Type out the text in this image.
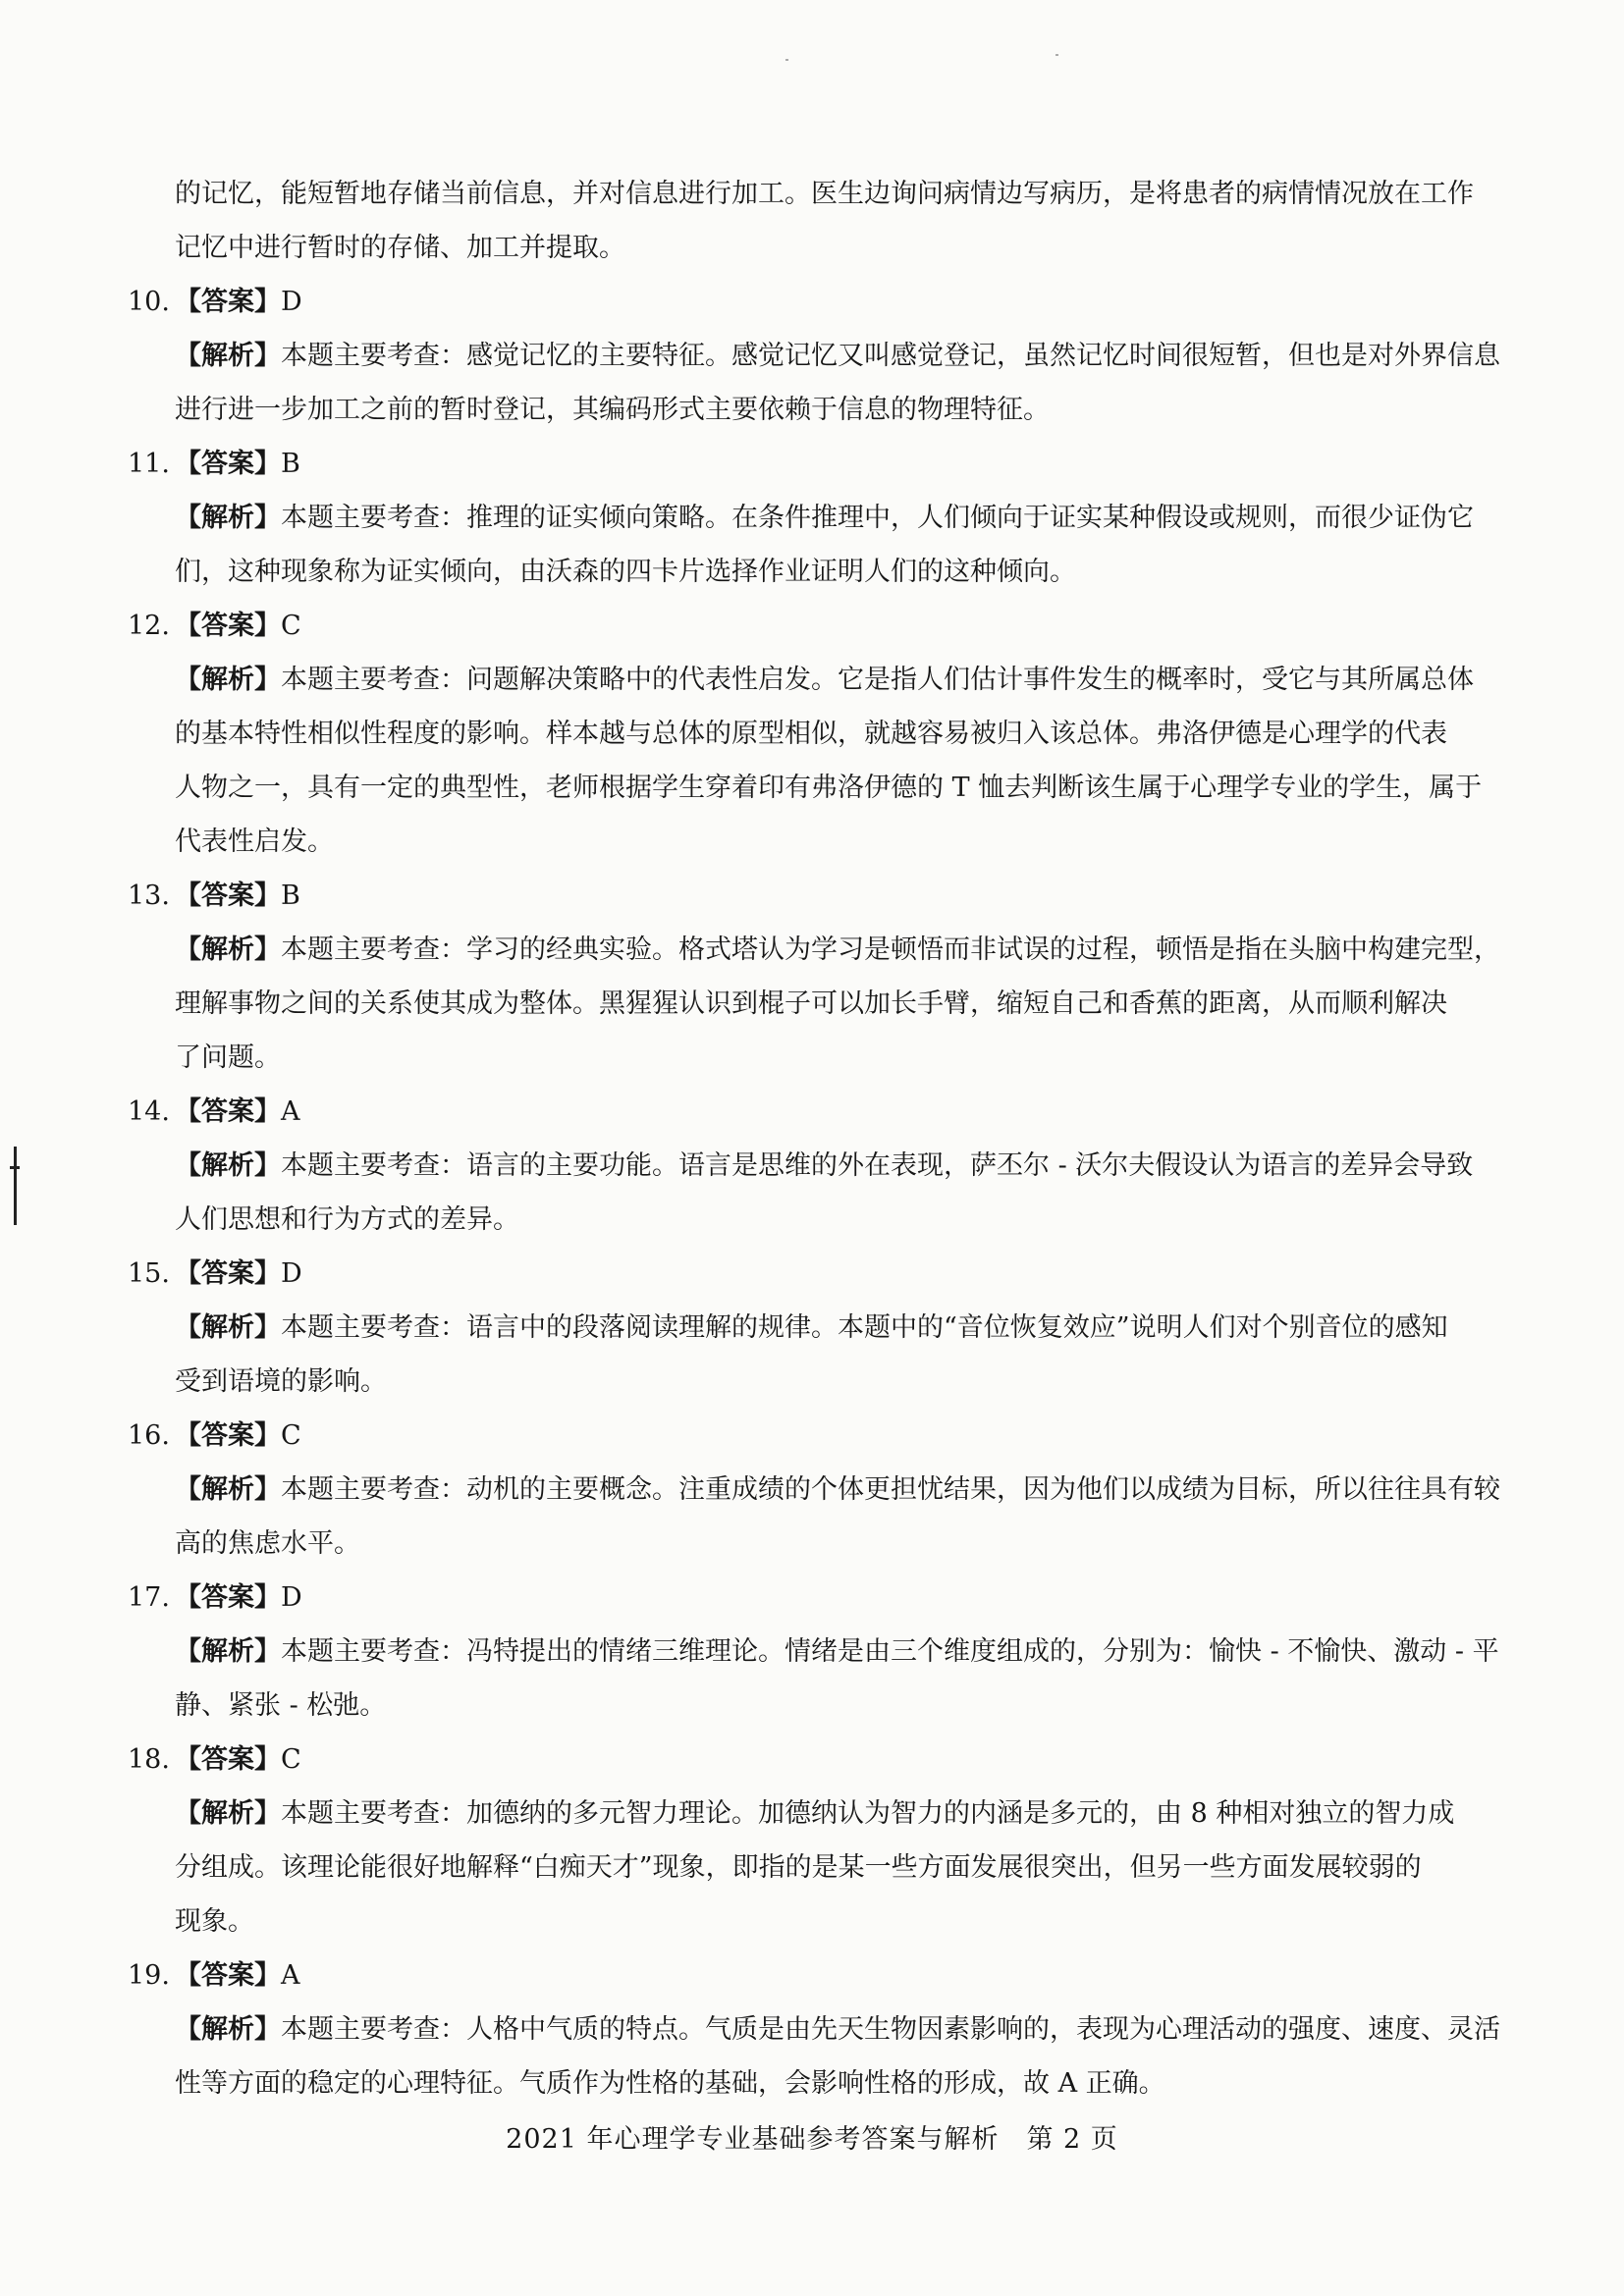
的记忆，能短暂地存储当前信息，并对信息进行加工。医生边询问病情边写病历，是将患者的病情情况放在工作
记忆中进行暂时的存储、加工并提取。
10. 【答案】D
【解析】本题主要考查：感觉记忆的主要特征。感觉记忆又叫感觉登记，虽然记忆时间很短暂，但也是对外界信息
进行进一步加工之前的暂时登记，其编码形式主要依赖于信息的物理特征。
11. 【答案】B
【解析】本题主要考查：推理的证实倾向策略。在条件推理中，人们倾向于证实某种假设或规则，而很少证伪它
们，这种现象称为证实倾向，由沃森的四卡片选择作业证明人们的这种倾向。
12. 【答案】C
【解析】本题主要考查：问题解决策略中的代表性启发。它是指人们估计事件发生的概率时，受它与其所属总体
的基本特性相似性程度的影响。样本越与总体的原型相似，就越容易被归入该总体。弗洛伊德是心理学的代表
人物之一，具有一定的典型性，老师根据学生穿着印有弗洛伊德的 T 恤去判断该生属于心理学专业的学生，属于
代表性启发。
13. 【答案】B
【解析】本题主要考查：学习的经典实验。格式塔认为学习是顿悟而非试误的过程，顿悟是指在头脑中构建完型，
理解事物之间的关系使其成为整体。黑猩猩认识到棍子可以加长手臂，缩短自己和香蕉的距离，从而顺利解决
了问题。
14. 【答案】A
【解析】本题主要考查：语言的主要功能。语言是思维的外在表现，萨丕尔 - 沃尔夫假设认为语言的差异会导致
人们思想和行为方式的差异。
15. 【答案】D
【解析】本题主要考查：语言中的段落阅读理解的规律。本题中的“音位恢复效应”说明人们对个别音位的感知
受到语境的影响。
16. 【答案】C
【解析】本题主要考查：动机的主要概念。注重成绩的个体更担忧结果，因为他们以成绩为目标，所以往往具有较
高的焦虑水平。
17. 【答案】D
【解析】本题主要考查：冯特提出的情绪三维理论。情绪是由三个维度组成的，分别为：愉快 - 不愉快、激动 - 平
静、紧张 - 松弛。
18. 【答案】C
【解析】本题主要考查：加德纳的多元智力理论。加德纳认为智力的内涵是多元的，由 8 种相对独立的智力成
分组成。该理论能很好地解释“白痴天才”现象，即指的是某一些方面发展很突出，但另一些方面发展较弱的
现象。
19. 【答案】A
【解析】本题主要考查：人格中气质的特点。气质是由先天生物因素影响的，表现为心理活动的强度、速度、灵活
性等方面的稳定的心理特征。气质作为性格的基础，会影响性格的形成，故 A 正确。
2021 年心理学专业基础参考答案与解析　第 2 页
